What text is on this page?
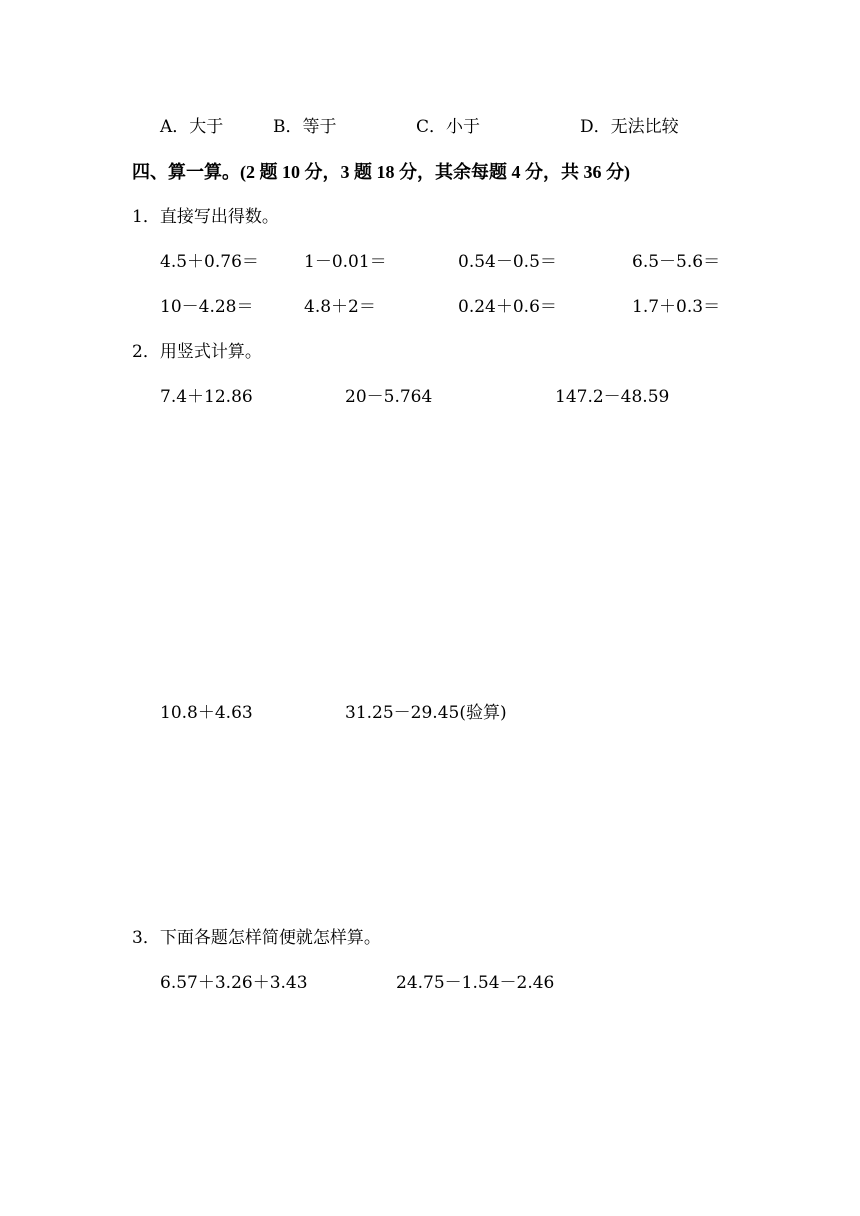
A．大于	B．等于	C．小于	D．无法比较
四、算一算。(2 题 10 分，3 题 18 分，其余每题 4 分，共 36 分)
1．直接写出得数。
4.5＋0.76＝	1－0.01＝	0.54－0.5＝	6.5－5.6＝
10－4.28＝	4.8＋2＝	0.24＋0.6＝	1.7＋0.3＝
2．用竖式计算。
7.4＋12.86	20－5.764	147.2－48.59
10.8＋4.63	31.25－29.45(验算)
3．下面各题怎样简便就怎样算。
6.57＋3.26＋3.43	24.75－1.54－2.46
